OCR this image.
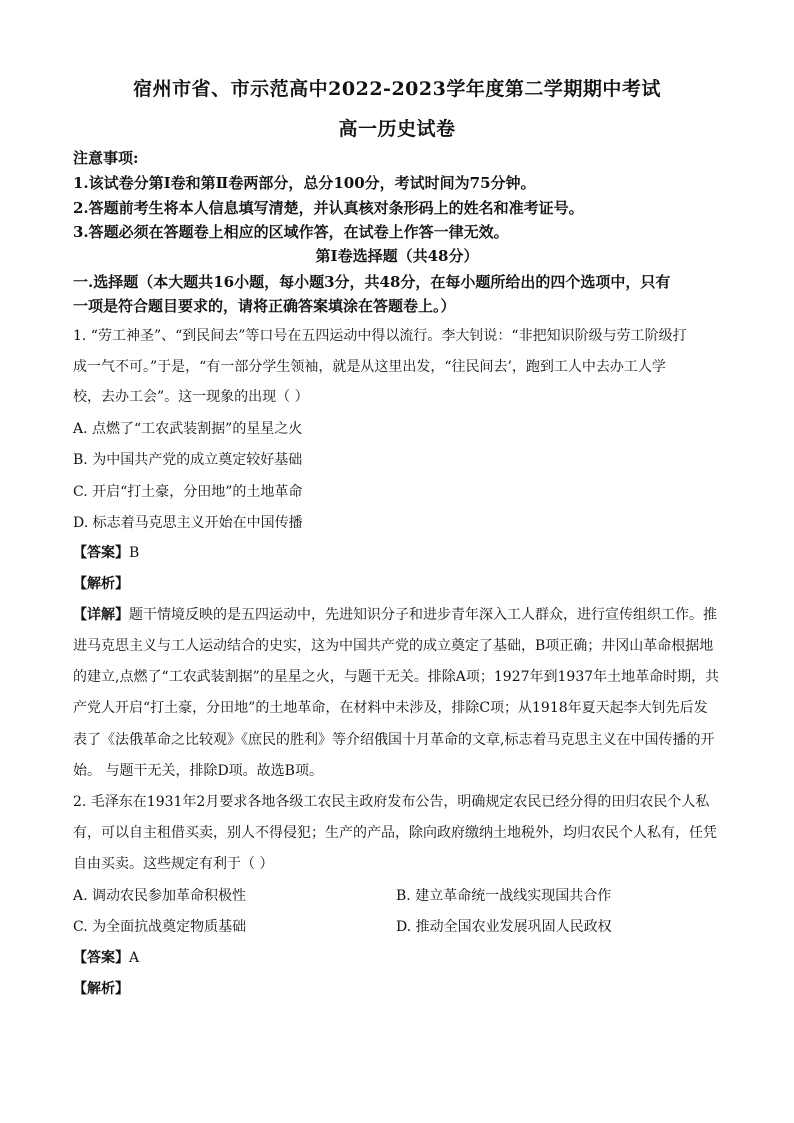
宿州市省、市示范高中2022-2023学年度第二学期期中考试
高一历史试卷
注意事项:
1.该试卷分第Ⅰ卷和第Ⅱ卷两部分，总分100分，考试时间为75分钟。
2.答题前考生将本人信息填写清楚，并认真核对条形码上的姓名和准考证号。
3.答题必须在答题卷上相应的区域作答，在试卷上作答一律无效。
第Ⅰ卷选择题（共48分）
一.选择题（本大题共16小题，每小题3分，共48分，在每小题所给出的四个选项中，只有
一项是符合题目要求的，请将正确答案填涂在答题卷上。）
1. “劳工神圣”、“到民间去”等口号在五四运动中得以流行。李大钊说：“非把知识阶级与劳工阶级打
成一气不可。”于是，“有一部分学生领袖，就是从这里出发，“往民间去’，跑到工人中去办工人学
校，去办工会”。这一现象的出现（ ）
A. 点燃了“工农武装割据”的星星之火
B. 为中国共产党的成立奠定较好基础
C. 开启“打土豪，分田地”的土地革命
D. 标志着马克思主义开始在中国传播
【答案】B
【解析】
【详解】题干情境反映的是五四运动中，先进知识分子和进步青年深入工人群众，进行宣传组织工作。推
进马克思主义与工人运动结合的史实，这为中国共产党的成立奠定了基础，B项正确；井冈山革命根据地
的建立,点燃了“工农武装割据”的星星之火，与题干无关。排除A项；1927年到1937年土地革命时期，共
产党人开启“打土豪，分田地”的土地革命，在材料中未涉及，排除C项；从1918年夏天起李大钊先后发
表了《法俄革命之比较观》《庶民的胜利》等介绍俄国十月革命的文章,标志着马克思主义在中国传播的开
始。 与题干无关，排除D项。故选B项。
2. 毛泽东在1931年2月要求各地各级工农民主政府发布公告，明确规定农民已经分得的田归农民个人私
有，可以自主租借买卖，别人不得侵犯；生产的产品，除向政府缴纳土地税外，均归农民个人私有，任凭
自由买卖。这些规定有利于（ ）
A. 调动农民参加革命积极性	B. 建立革命统一战线实现国共合作
C. 为全面抗战奠定物质基础	D. 推动全国农业发展巩固人民政权
【答案】A
【解析】
